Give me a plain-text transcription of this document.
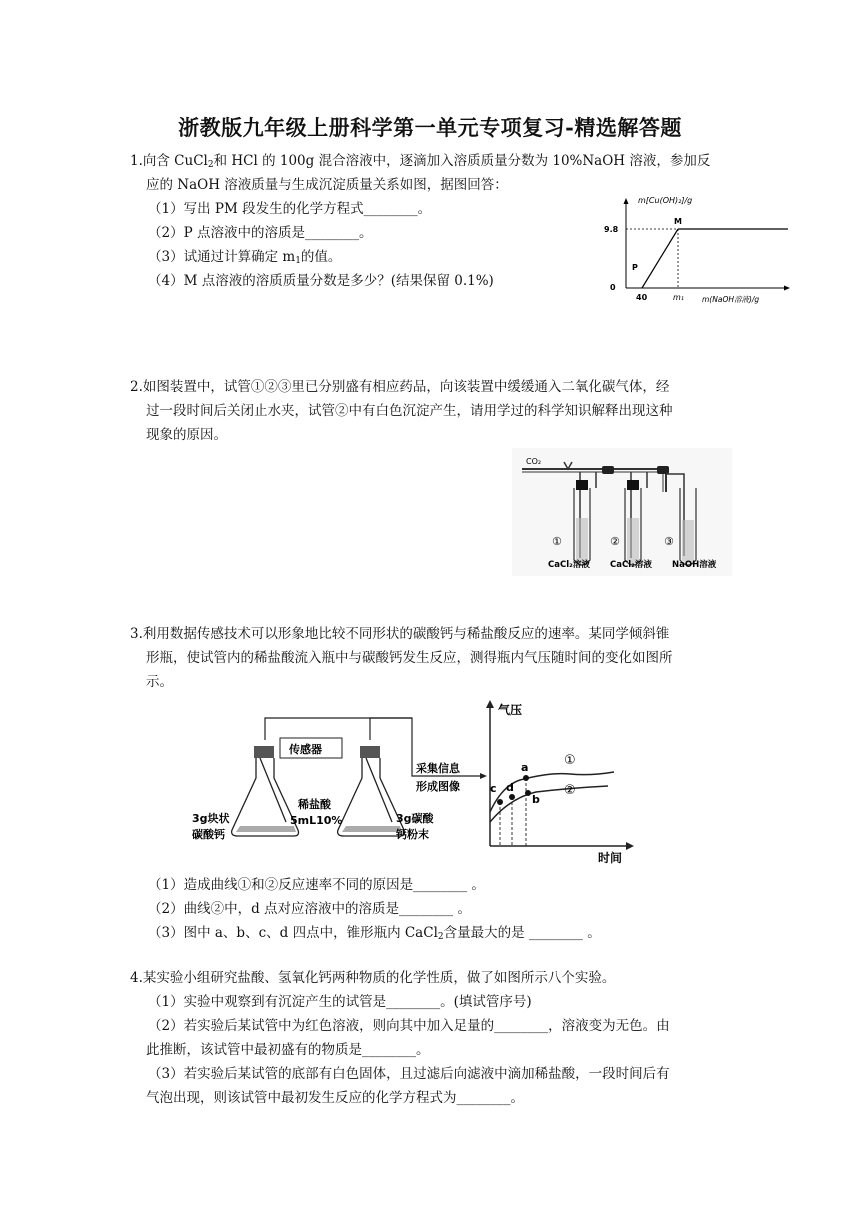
浙教版九年级上册科学第一单元专项复习-精选解答题
1.向含 CuCl$_2$和 HCl 的 100g 混合溶液中，逐滴加入溶质质量分数为 10%NaOH 溶液，参加反
应的 NaOH 溶液质量与生成沉淀质量关系如图，据图回答：
（1）写出 PM 段发生的化学方程式________。
（2）P 点溶液中的溶质是________。
（3）试通过计算确定 $m_1$的值。
（4）M 点溶液的溶质质量分数是多少？(结果保留 0.1%)
m[Cu(OH)₂]/g
9.8
0
P
M
40	m₁ m(NaOH溶液)/g
2.如图装置中，试管①②③里已分别盛有相应药品，向该装置中缓缓通入二氧化碳气体，经
过一段时间后关闭止水夹，试管②中有白色沉淀产生，请用学过的科学知识解释出现这种
现象的原因。
CO₂
①	②	③
CaCl₂溶液 CaCl₂溶液 NaOH溶液
3.利用数据传感技术可以形象地比较不同形状的碳酸钙与稀盐酸反应的速率。某同学倾斜锥
形瓶，使试管内的稀盐酸流入瓶中与碳酸钙发生反应，测得瓶内气压随时间的变化如图所
示。
传感器
3g块状
碳酸钙
稀盐酸
5mL10%	3g碳酸
钙粉末
采集信息
形成图像
气压
时间
a
b
c d
①
②
（1）造成曲线①和②反应速率不同的原因是________ 。
（2）曲线②中，d 点对应溶液中的溶质是________ 。
（3）图中 a、b、c、d 四点中，锥形瓶内 CaCl$_2$含量最大的是 ________ 。
4.某实验小组研究盐酸、氢氧化钙两种物质的化学性质，做了如图所示八个实验。
（1）实验中观察到有沉淀产生的试管是________。(填试管序号)
（2）若实验后某试管中为红色溶液，则向其中加入足量的________，溶液变为无色。由
此推断，该试管中最初盛有的物质是________。
（3）若实验后某试管的底部有白色固体，且过滤后向滤液中滴加稀盐酸，一段时间后有
气泡出现，则该试管中最初发生反应的化学方程式为________。
